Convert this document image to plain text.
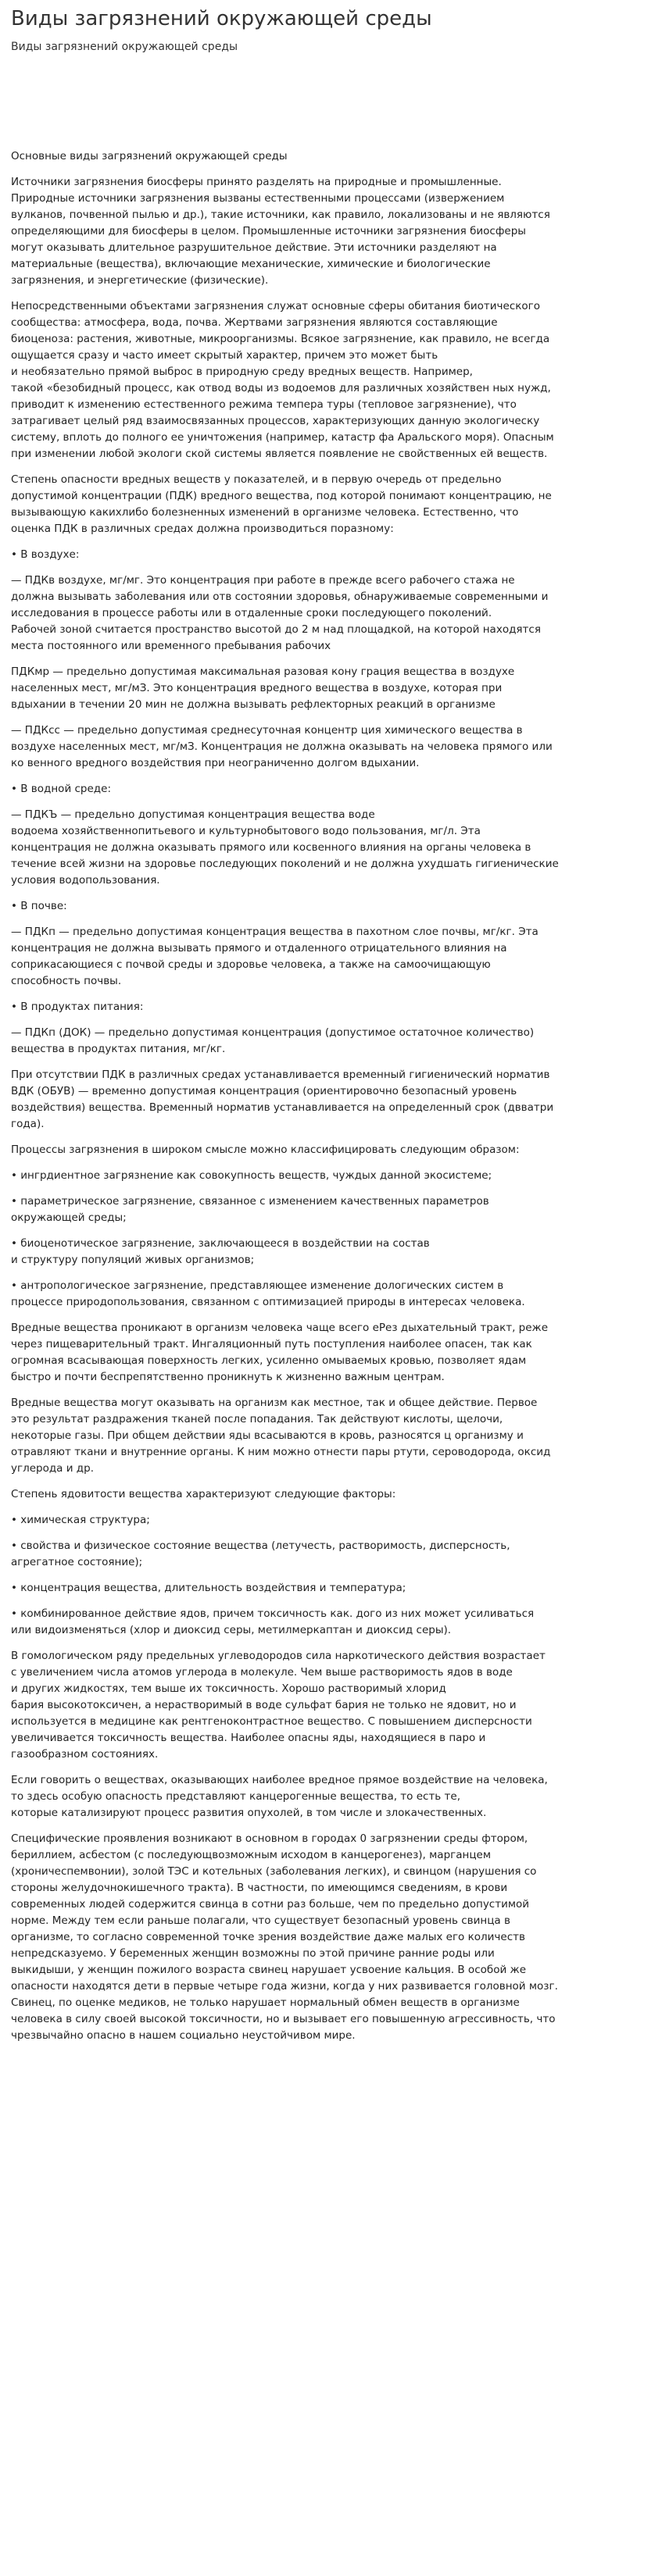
Виды загрязнений окружающей среды
Виды загрязнений окружающей среды
Основные виды загрязнений окружающей среды

Источники загрязнения биосферы принято разделять на природные и промышленные.
Природные источники загрязнения вызваны естественными процессами (извержением
вулканов, почвенной пылью и др.), такие источники, как правило, локализованы и не являются
определяющими для биосферы в целом. Промышленные источники загрязнения биосферы
могут оказывать длительное разрушительное действие. Эти источники разделяют на
материальные (вещества), включающие механические, химические и биологические
загрязнения, и энергетические (физические).

Непосредственными объектами загрязнения служат основные сферы обитания биотического
сообщества: атмосфера, вода, почва. Жертвами загрязнения являются составляющие
биоценоза: растения, животные, микроорганизмы. Всякое загрязнение, как правило, не всегда
ощущается сразу и часто имеет скрытый характер, причем это может быть
и необязательно прямой выброс в природную среду вредных веществ. Например,
такой «безобидный процесс, как отвод воды из водоемов для различных хозяйствен ных нужд,
приводит к изменению естественного режима темпера туры (тепловое загрязнение), что
затрагивает целый ряд взаимосвязанных процессов, характеризующих данную экологическу
систему, вплоть до полного ее уничтожения (например, катастр фа Аральского моря). Опасным
при изменении любой экологи ской системы является появление не свойственных ей веществ.

Степень опасности вредных веществ у показателей, и в первую очередь от предельно
допустимой концентрации (ПДК) вредного вещества, под которой понимают концентрацию, не
вызывающую какихлибо болезненных изменений в организме человека. Естественно, что
оценка ПДК в различных средах должна производиться поразному:

• В воздухе:

— ПДКв воздухе, мг/мг. Это концентрация при работе в прежде всего рабочего стажа не
должна вызывать заболевания или отв состоянии здоровья, обнаруживаемые современными и
исследования в процессе работы или в отдаленные сроки последующего поколений.
Рабочей зоной считается пространство высотой до 2 м над площадкой, на которой находятся
места постоянного или временного пребывания рабочих

ПДКмр — предельно допустимая максимальная разовая кону грация вещества в воздухе
населенных мест, мг/мЗ. Это концентрация вредного вещества в воздухе, которая при
вдыхании в течении 20 мин не должна вызывать рефлекторных реакций в организме

— ПДКсс — предельно допустимая среднесуточная концентр ция химического вещества в
воздухе населенных мест, мг/мЗ. Концентрация не должна оказывать на человека прямого или
ко венного вредного воздействия при неограниченно долгом вдыхании.

• В водной среде:

— ПДКЪ — предельно допустимая концентрация вещества воде
водоема хозяйственнопитьевого и культурнобытового водо пользования, мг/л. Эта
концентрация не должна оказывать прямого или косвенного влияния на органы человека в
течение всей жизни на здоровье последующих поколений и не должна ухудшать гигиенические
условия водопользования.

• В почве:

— ПДКп — предельно допустимая концентрация вещества в пахотном слое почвы, мг/кг. Эта
концентрация не должна вызывать прямого и отдаленного отрицательного влияния на
соприкасающиеся с почвой среды и здоровье человека, а также на самоочищающую
способность почвы.

• В продуктах питания:

— ПДКп (ДОК) — предельно допустимая концентрация (допустимое остаточное количество)
вещества в продуктах питания, мг/кг.

При отсутствии ПДК в различных средах устанавливается временный гигиенический норматив
ВДК (ОБУВ) — временно допустимая концентрация (ориентировочно безопасный уровень
воздействия) вещества. Временный норматив устанавливается на определенный срок (двватри
года).

Процессы загрязнения в широком смысле можно классифицировать следующим образом:

• ингрдиентное загрязнение как совокупность веществ, чуждых данной экосистеме;

• параметрическое загрязнение, связанное с изменением качественных параметров
окружающей среды;

• биоценотическое загрязнение, заключающееся в воздействии на состав
и структуру популяций живых организмов;

• антропологическое загрязнение, представляющее изменение дологических систем в
процессе природопользования, связанном с оптимизацией природы в интересах человека.

Вредные вещества проникают в организм человека чаще всего еРез дыхательный тракт, реже
через пищеварительный тракт. Ингаляционный путь поступления наиболее опасен, так как
огромная всасывающая поверхность легких, усиленно омываемых кровью, позволяет ядам
быстро и почти беспрепятственно проникнуть к жизненно важным центрам.

Вредные вещества могут оказывать на организм как местное, так и общее действие. Первое
это результат раздражения тканей после попадания. Так действуют кислоты, щелочи,
некоторые газы. При общем действии яды всасываются в кровь, разносятся ц организму и
отравляют ткани и внутренние органы. К ним можно отнести пары ртути, сероводорода, оксид
углерода и др.

Степень ядовитости вещества характеризуют следующие факторы:

• химическая структура;

• свойства и физическое состояние вещества (летучесть, растворимость, дисперсность,
агрегатное состояние);

• концентрация вещества, длительность воздействия и температура;

• комбинированное действие ядов, причем токсичность как. дого из них может усиливаться
или видоизменяться (хлор и диоксид серы, метилмеркаптан и диоксид серы).

В гомологическом ряду предельных углеводородов сила наркотического действия возрастает
с увеличением числа атомов углерода в молекуле. Чем выше растворимость ядов в воде
и других жидкостях, тем выше их токсичность. Хорошо растворимый хлорид
бария высокотоксичен, а нерастворимый в воде сульфат бария не только не ядовит, но и
используется в медицине как рентгеноконтрастное вещество. С повышением дисперсности
увеличивается токсичность вещества. Наиболее опасны яды, находящиеся в паро и
газообразном состояниях.

Если говорить о веществах, оказывающих наиболее вредное прямое воздействие на человека,
то здесь особую опасность представляют канцерогенные вещества, то есть те,
которые катализируют процесс развития опухолей, в том числе и злокачественных.

Специфические проявления возникают в основном в городах 0 загрязнении среды фтором,
бериллием, асбестом (с последующвозможным исходом в канцерогенез), марганцем
(хроничеспемвонии), золой ТЭС и котельных (заболевания легких), и свинцом (нарушения со
стороны желудочнокишечного тракта). В частности, по имеющимся сведениям, в крови
современных людей содержится свинца в сотни раз больше, чем по предельно допустимой
норме. Между тем если раньше полагали, что существует безопасный уровень свинца в
организме, то согласно современной точке зрения воздействие даже малых его количеств
непредсказуемо. У беременных женщин возможны по этой причине ранние роды или
выкидыши, у женщин пожилого возраста свинец нарушает усвоение кальция. В особой же
опасности находятся дети в первые четыре года жизни, когда у них развивается головной мозг.
Свинец, по оценке медиков, не только нарушает нормальный обмен веществ в организме
человека в силу своей высокой токсичности, но и вызывает его повышенную агрессивность, что
чрезвычайно опасно в нашем социально неустойчивом мире.
